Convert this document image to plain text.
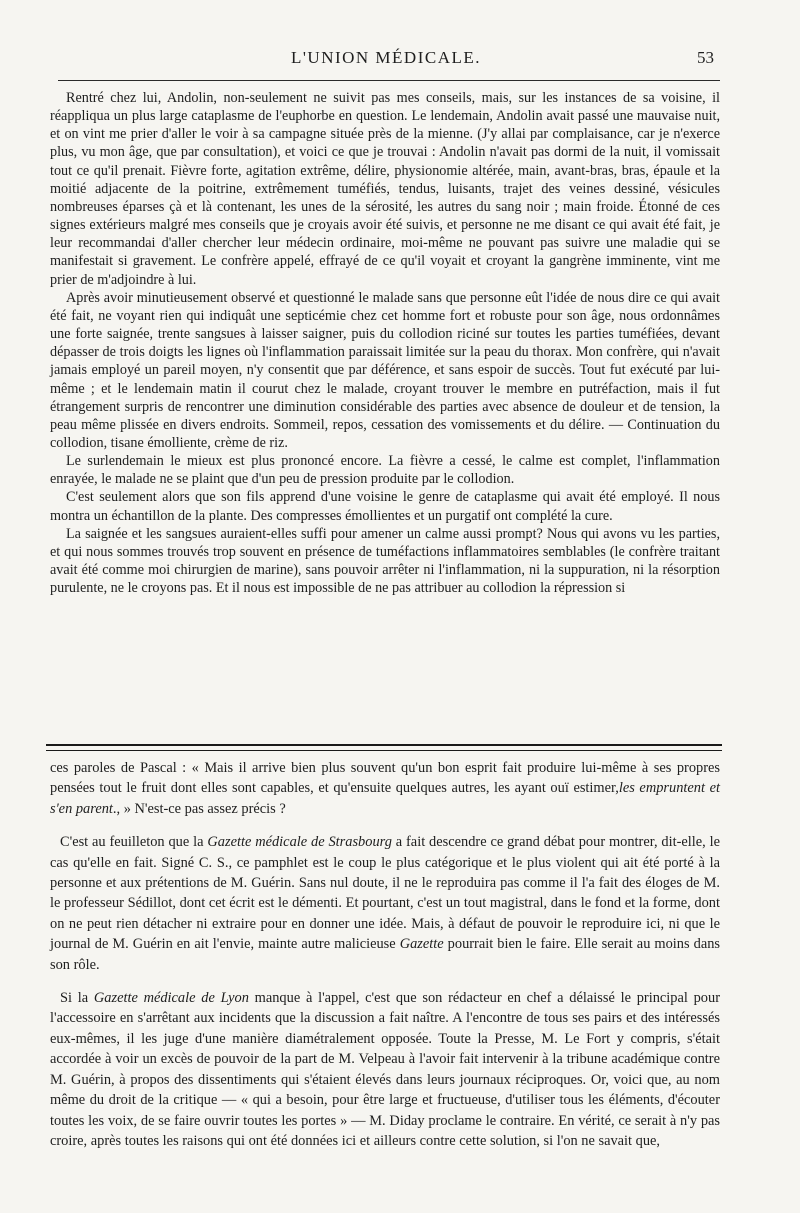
L'UNION MÉDICALE.	53

Rentré chez lui, Andolin, non-seulement ne suivit pas mes conseils, mais, sur les instances de sa voisine, il réappliqua un plus large cataplasme de l'euphorbe en question. Le lendemain, Andolin avait passé une mauvaise nuit, et on vint me prier d'aller le voir à sa campagne située près de la mienne. (J'y allai par complaisance, car je n'exerce plus, vu mon âge, que par consultation), et voici ce que je trouvai : Andolin n'avait pas dormi de la nuit, il vomissait tout ce qu'il prenait. Fièvre forte, agitation extrême, délire, physionomie altérée, main, avant-bras, bras, épaule et la moitié adjacente de la poitrine, extrêmement tuméfiés, tendus, luisants, trajet des veines dessiné, vésicules nombreuses éparses çà et là contenant, les unes de la sérosité, les autres du sang noir ; main froide. Étonné de ces signes extérieurs malgré mes conseils que je croyais avoir été suivis, et personne ne me disant ce qui avait été fait, je leur recommandai d'aller chercher leur médecin ordinaire, moi-même ne pouvant pas suivre une maladie qui se manifestait si gravement. Le confrère appelé, effrayé de ce qu'il voyait et croyant la gangrène imminente, vint me prier de m'adjoindre à lui.

Après avoir minutieusement observé et questionné le malade sans que personne eût l'idée de nous dire ce qui avait été fait, ne voyant rien qui indiquât une septicémie chez cet homme fort et robuste pour son âge, nous ordonnâmes une forte saignée, trente sangsues à laisser saigner, puis du collodion riciné sur toutes les parties tuméfiées, devant dépasser de trois doigts les lignes où l'inflammation paraissait limitée sur la peau du thorax. Mon confrère, qui n'avait jamais employé un pareil moyen, n'y consentit que par déférence, et sans espoir de succès. Tout fut exécuté par lui-même ; et le lendemain matin il courut chez le malade, croyant trouver le membre en putréfaction, mais il fut étrangement surpris de rencontrer une diminution considérable des parties avec absence de douleur et de tension, la peau même plissée en divers endroits. Sommeil, repos, cessation des vomissements et du délire. — Continuation du collodion, tisane émolliente, crème de riz.

Le surlendemain le mieux est plus prononcé encore. La fièvre a cessé, le calme est complet, l'inflammation enrayée, le malade ne se plaint que d'un peu de pression produite par le collodion.

C'est seulement alors que son fils apprend d'une voisine le genre de cataplasme qui avait été employé. Il nous montra un échantillon de la plante. Des compresses émollientes et un purgatif ont complété la cure.

La saignée et les sangsues auraient-elles suffi pour amener un calme aussi prompt? Nous qui avons vu les parties, et qui nous sommes trouvés trop souvent en présence de tuméfactions inflammatoires semblables (le confrère traitant avait été comme moi chirurgien de marine), sans pouvoir arrêter ni l'inflammation, ni la suppuration, ni la résorption purulente, ne le croyons pas. Et il nous est impossible de ne pas attribuer au collodion la répression si

ces paroles de Pascal : « Mais il arrive bien plus souvent qu'un bon esprit fait produire lui-même à ses propres pensées tout le fruit dont elles sont capables, et qu'ensuite quelques autres, les ayant ouï estimer,les empruntent et s'en parent., » N'est-ce pas assez précis ?

C'est au feuilleton que la Gazette médicale de Strasbourg a fait descendre ce grand débat pour montrer, dit-elle, le cas qu'elle en fait. Signé C. S., ce pamphlet est le coup le plus catégorique et le plus violent qui ait été porté à la personne et aux prétentions de M. Guérin. Sans nul doute, il ne le reproduira pas comme il l'a fait des éloges de M. le professeur Sédillot, dont cet écrit est le démenti. Et pourtant, c'est un tout magistral, dans le fond et la forme, dont on ne peut rien détacher ni extraire pour en donner une idée. Mais, à défaut de pouvoir le reproduire ici, ni que le journal de M. Guérin en ait l'envie, mainte autre malicieuse Gazette pourrait bien le faire. Elle serait au moins dans son rôle.

Si la Gazette médicale de Lyon manque à l'appel, c'est que son rédacteur en chef a délaissé le principal pour l'accessoire en s'arrêtant aux incidents que la discussion a fait naître. A l'encontre de tous ses pairs et des intéressés eux-mêmes, il les juge d'une manière diamétralement opposée. Toute la Presse, M. Le Fort y compris, s'était accordée à voir un excès de pouvoir de la part de M. Velpeau à l'avoir fait intervenir à la tribune académique contre M. Guérin, à propos des dissentiments qui s'étaient élevés dans leurs journaux réciproques. Or, voici que, au nom même du droit de la critique — « qui a besoin, pour être large et fructueuse, d'utiliser tous les éléments, d'écouter toutes les voix, de se faire ouvrir toutes les portes » — M. Diday proclame le contraire. En vérité, ce serait à n'y pas croire, après toutes les raisons qui ont été données ici et ailleurs contre cette solution, si l'on ne savait que,
